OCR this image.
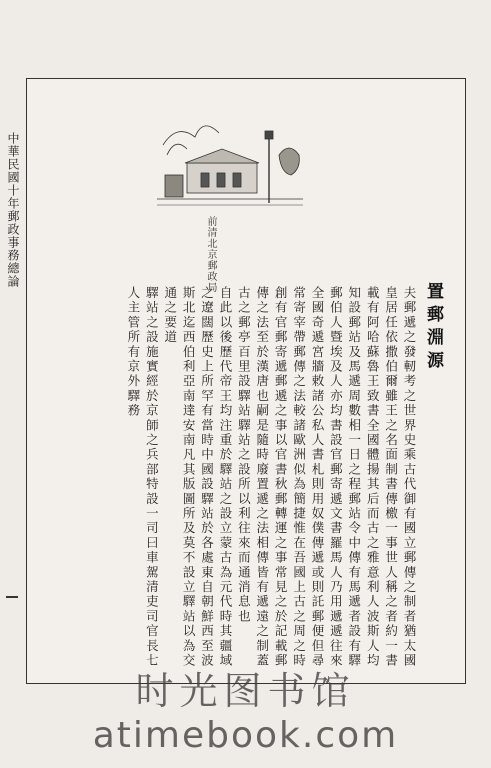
中華民國十年郵政事務總論	前清北京郵政局
置郵淵源

夫郵遞之發軔考之世界史乘古代御有國立郵傳之制者猶太國皇居任依撒伯爾雖王之名面制書傳檄一事世人稱之者約一書載有阿哈蘇魯王致書全國體揚其后而古之雅意利人波斯人均知設郵站及馬遞周數相一日之程郵站令中傳有馬遞者設有驛郵伯人暨埃及人亦均書設官郵寄遞文書羅馬人乃用遞遞往來全國奇遞宮牆敕諸公私人書札則用奴僕傳遞或則託郵便但尋常寄宰帶郵傳之法較諸歐洲似為簡捷惟在吾國上古之周之時創有官郵寄遞郵遞之事以官書秋郵轉運之事常見之於記載郵傳之法至於漢唐也嗣是隨時廢置遞之法相傳皆有遞遠之制蓋古之郵亭百里設驛站驛站之設所以利往來而通消息也

自此以後歷代帝王均注重於驛站之設立蒙古為元代時其疆域之遼闊歷史上所罕有當時中國設驛站於各處東自朝鮮西至波斯北迄西伯利亞南達安南凡其版圖所及莫不設立驛站以為交通之要道

驛站之設施實經於京師之兵部特設一司曰車駕清吏司官長七人主管所有京外驛務

时光图书馆
atimebook.com
